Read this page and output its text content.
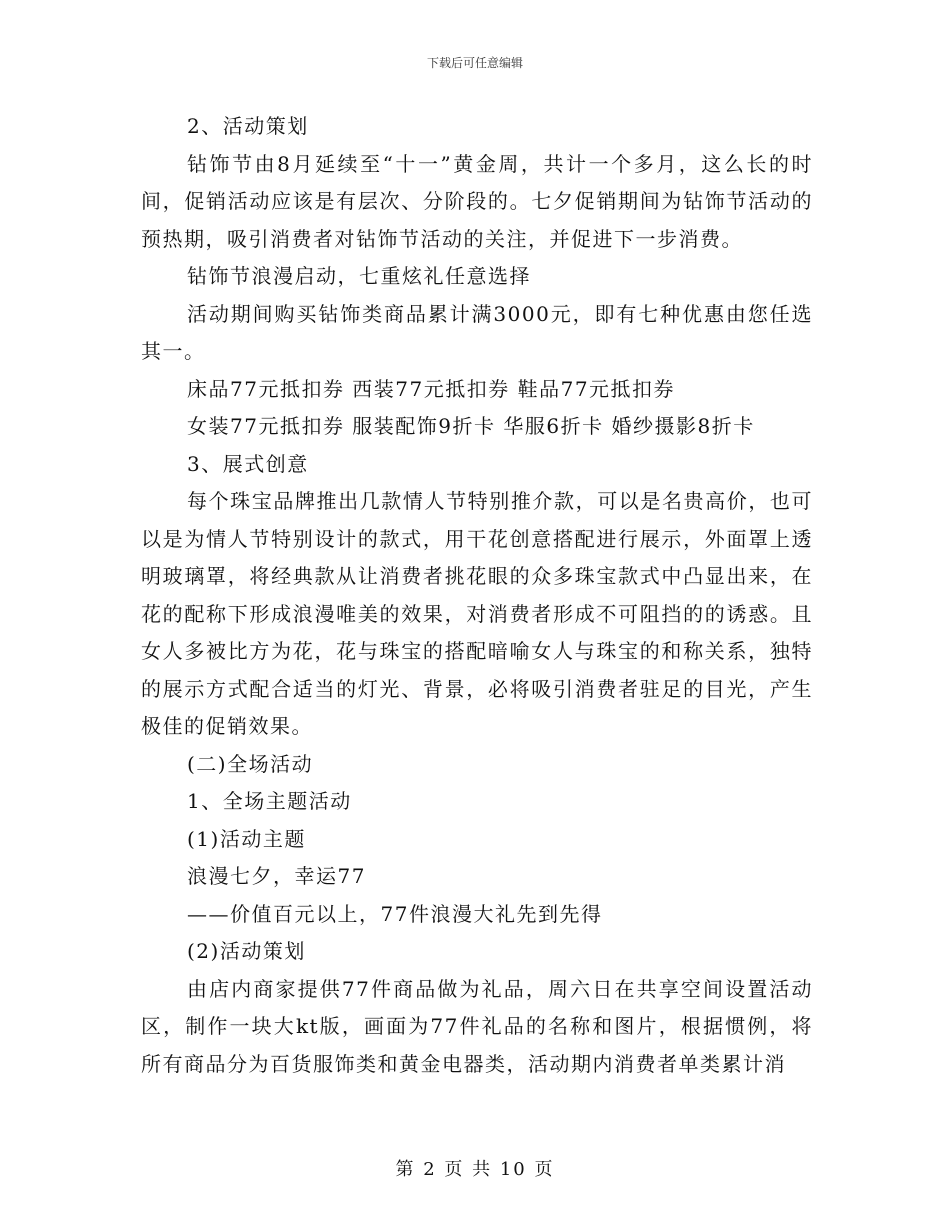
下载后可任意编辑

2、活动策划

钻饰节由8月延续至“十一”黄金周，共计一个多月，这么长的时间，促销活动应该是有层次、分阶段的。七夕促销期间为钻饰节活动的预热期，吸引消费者对钻饰节活动的关注，并促进下一步消费。

钻饰节浪漫启动，七重炫礼任意选择

活动期间购买钻饰类商品累计满3000元，即有七种优惠由您任选其一。

床品77元抵扣券 西装77元抵扣券 鞋品77元抵扣券

女装77元抵扣券 服装配饰9折卡 华服6折卡 婚纱摄影8折卡

3、展式创意

每个珠宝品牌推出几款情人节特别推介款，可以是名贵高价，也可以是为情人节特别设计的款式，用干花创意搭配进行展示，外面罩上透明玻璃罩，将经典款从让消费者挑花眼的众多珠宝款式中凸显出来，在花的配称下形成浪漫唯美的效果，对消费者形成不可阻挡的的诱惑。且女人多被比方为花，花与珠宝的搭配暗喻女人与珠宝的和称关系，独特的展示方式配合适当的灯光、背景，必将吸引消费者驻足的目光，产生极佳的促销效果。

(二)全场活动

1、全场主题活动

(1)活动主题

浪漫七夕，幸运77

——价值百元以上，77件浪漫大礼先到先得

(2)活动策划

由店内商家提供77件商品做为礼品，周六日在共享空间设置活动区，制作一块大kt版，画面为77件礼品的名称和图片，根据惯例，将所有商品分为百货服饰类和黄金电器类，活动期内消费者单类累计消

第 2 页 共 10 页
